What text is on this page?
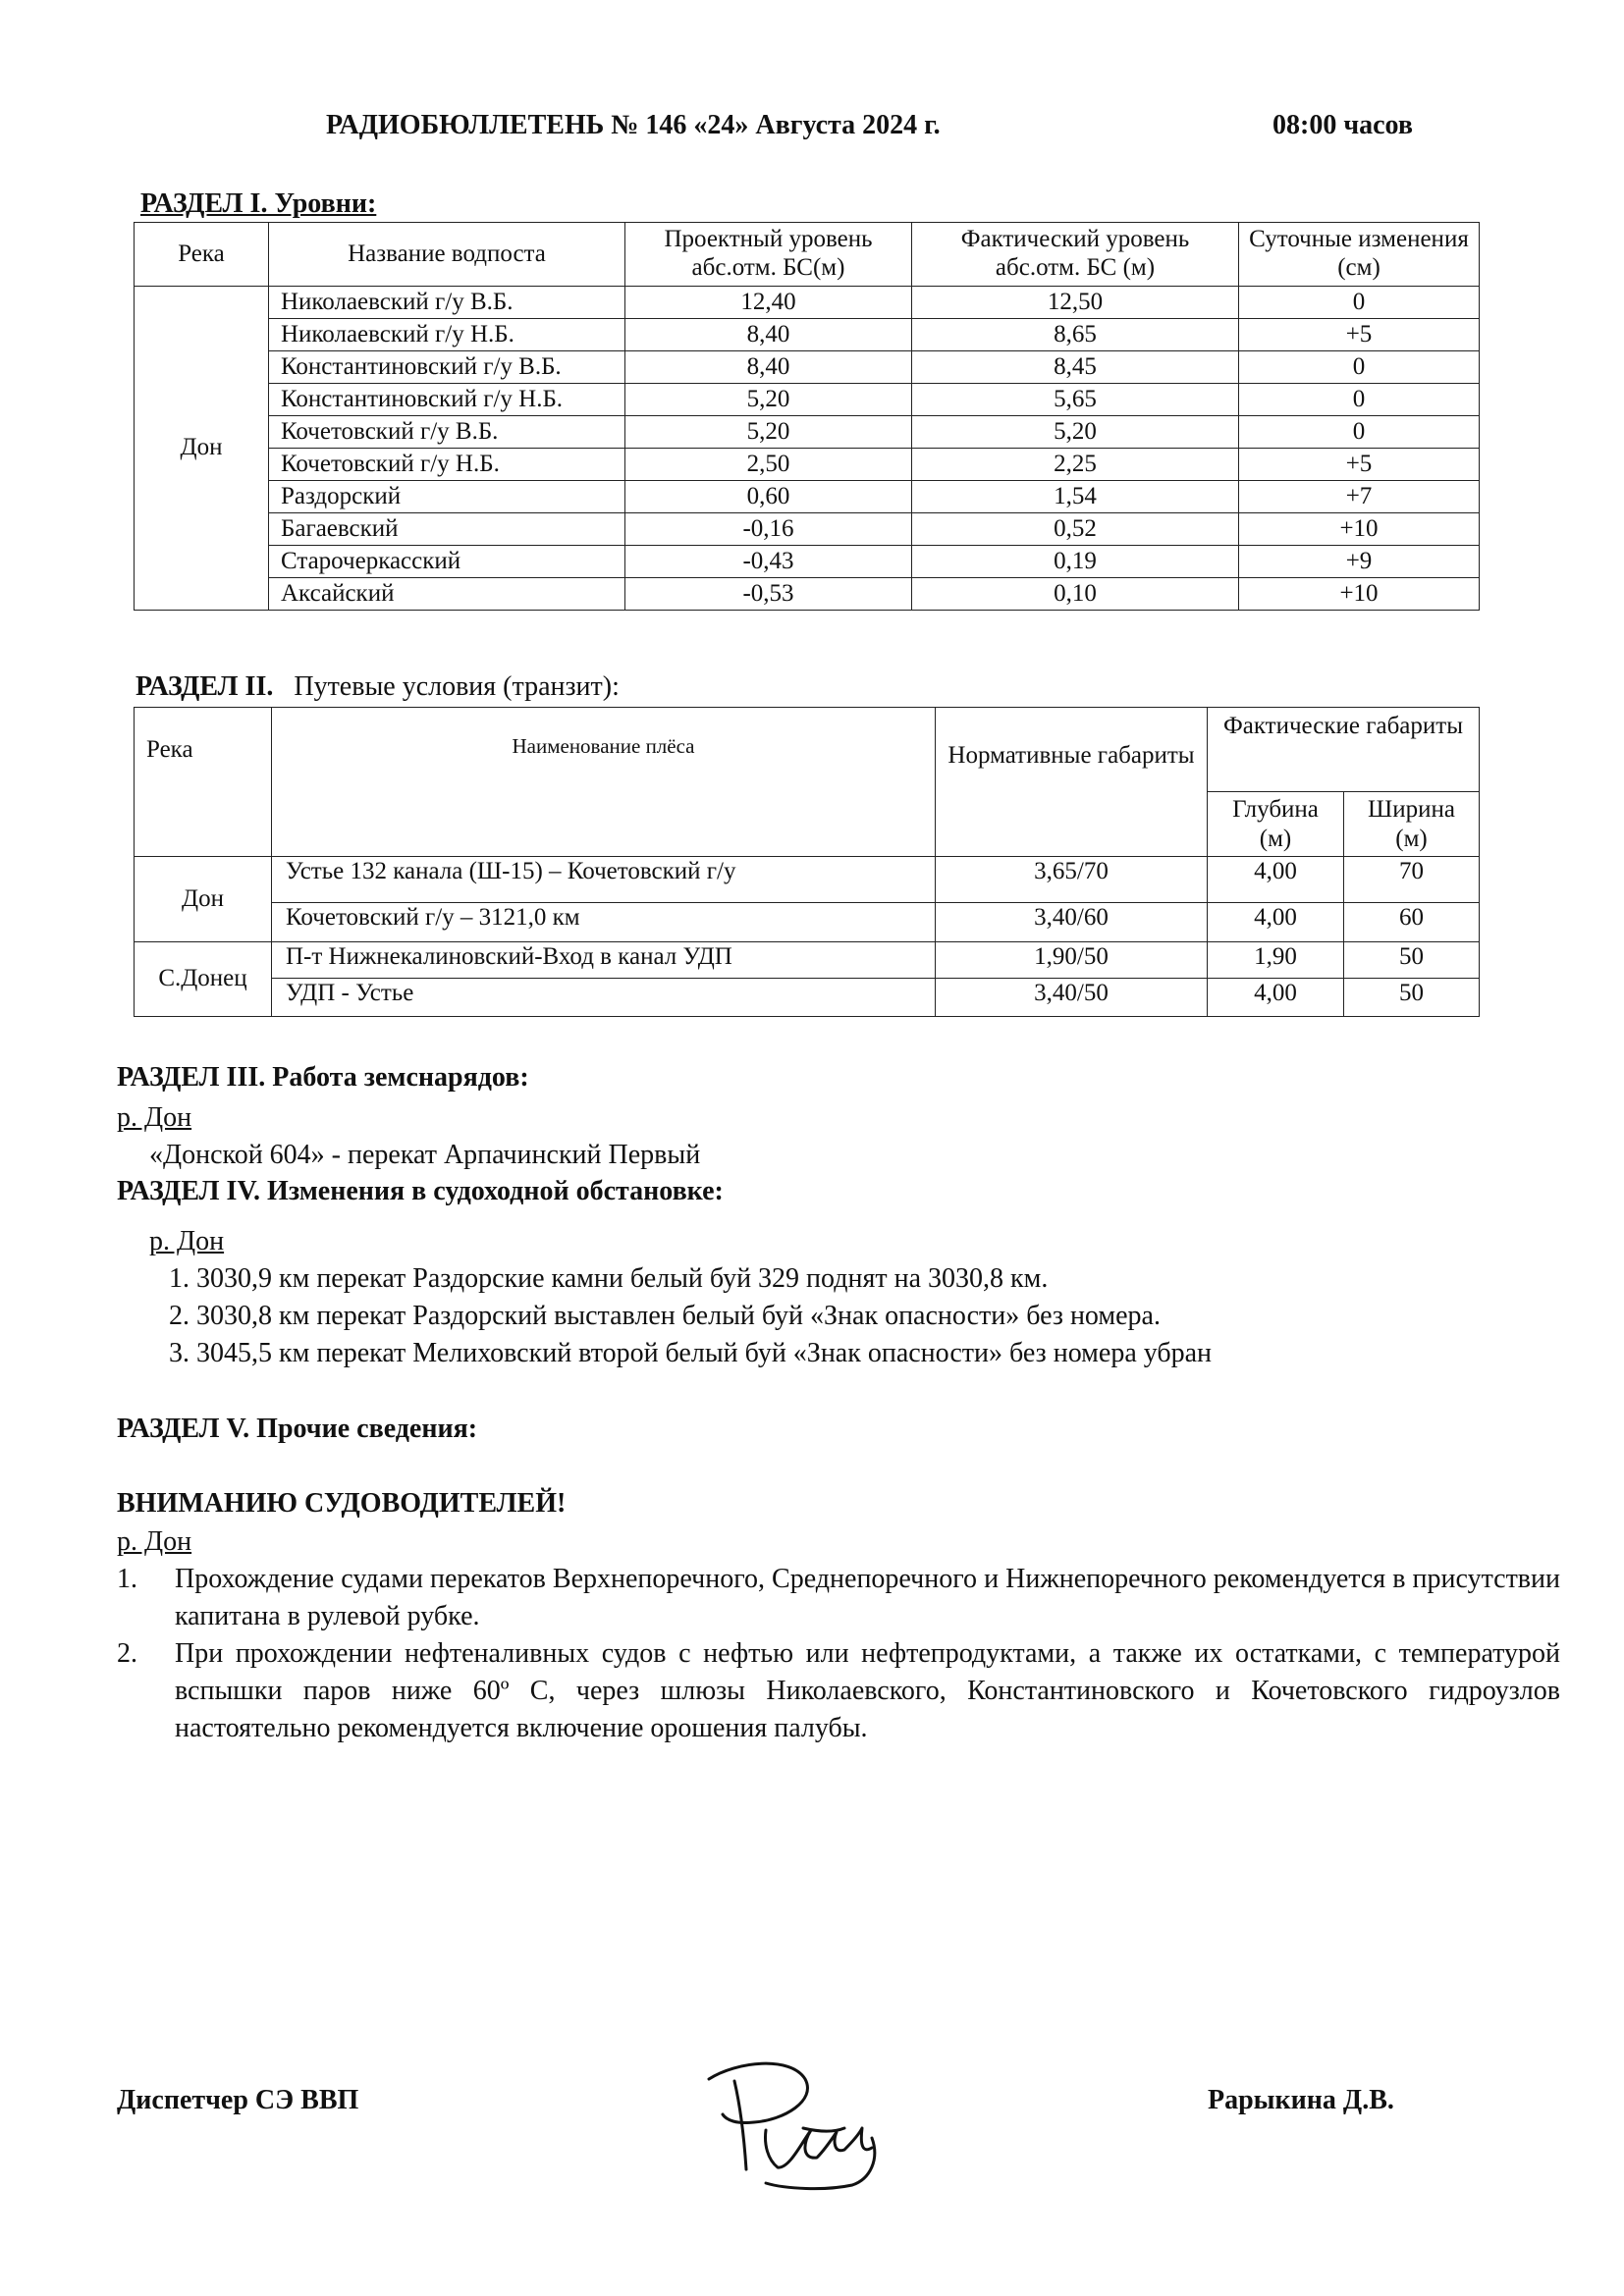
РАДИОБЮЛЛЕТЕНЬ № 146 «24» Августа 2024 г.	08:00 часов
РАЗДЕЛ I. Уровни:
Река	Название водпоста	Проектный уровень абс.отм. БС(м)	Фактический уровень абс.отм. БС (м)	Суточные изменения (см)
Дон	Николаевский г/у В.Б.	12,40	12,50	0
	Николаевский г/у Н.Б.	8,40	8,65	+5
	Константиновский г/у В.Б.	8,40	8,45	0
	Константиновский г/у Н.Б.	5,20	5,65	0
	Кочетовский г/у В.Б.	5,20	5,20	0
	Кочетовский г/у Н.Б.	2,50	2,25	+5
	Раздорский	0,60	1,54	+7
	Багаевский	-0,16	0,52	+10
	Старочеркасский	-0,43	0,19	+9
	Аксайский	-0,53	0,10	+10
РАЗДЕЛ II. Путевые условия (транзит):
Река	Наименование плёса	Нормативные габариты	Фактические габариты	
			Глубина (м)	Ширина (м)
Дон	Устье 132 канала (Ш-15) – Кочетовский г/у	3,65/70	4,00	70
	Кочетовский г/у – 3121,0 км	3,40/60	4,00	60
С.Донец	П-т Нижнекалиновский-Вход в канал УДП	1,90/50	1,90	50
	УДП - Устье	3,40/50	4,00	50
РАЗДЕЛ III. Работа земснарядов:
р. Дон
«Донской 604» - перекат Арпачинский Первый
РАЗДЕЛ IV. Изменения в судоходной обстановке:
р. Дон
1. 3030,9 км перекат Раздорские камни белый буй 329 поднят на 3030,8 км.
2. 3030,8 км перекат Раздорский выставлен белый буй «Знак опасности» без номера.
3. 3045,5 км перекат Мелиховский второй белый буй «Знак опасности» без номера убран
РАЗДЕЛ V. Прочие сведения:
ВНИМАНИЮ СУДОВОДИТЕЛЕЙ!
р. Дон
1. Прохождение судами перекатов Верхнепоречного, Среднепоречного и Нижнепоречного рекомендуется в присутствии капитана в рулевой рубке.
2. При прохождении нефтеналивных судов с нефтью или нефтепродуктами, а также их остатками, с температурой вспышки паров ниже 60º С, через шлюзы Николаевского, Константиновского и Кочетовского гидроузлов настоятельно рекомендуется включение орошения палубы.
Диспетчер СЭ ВВП	Рарыкина Д.В.
